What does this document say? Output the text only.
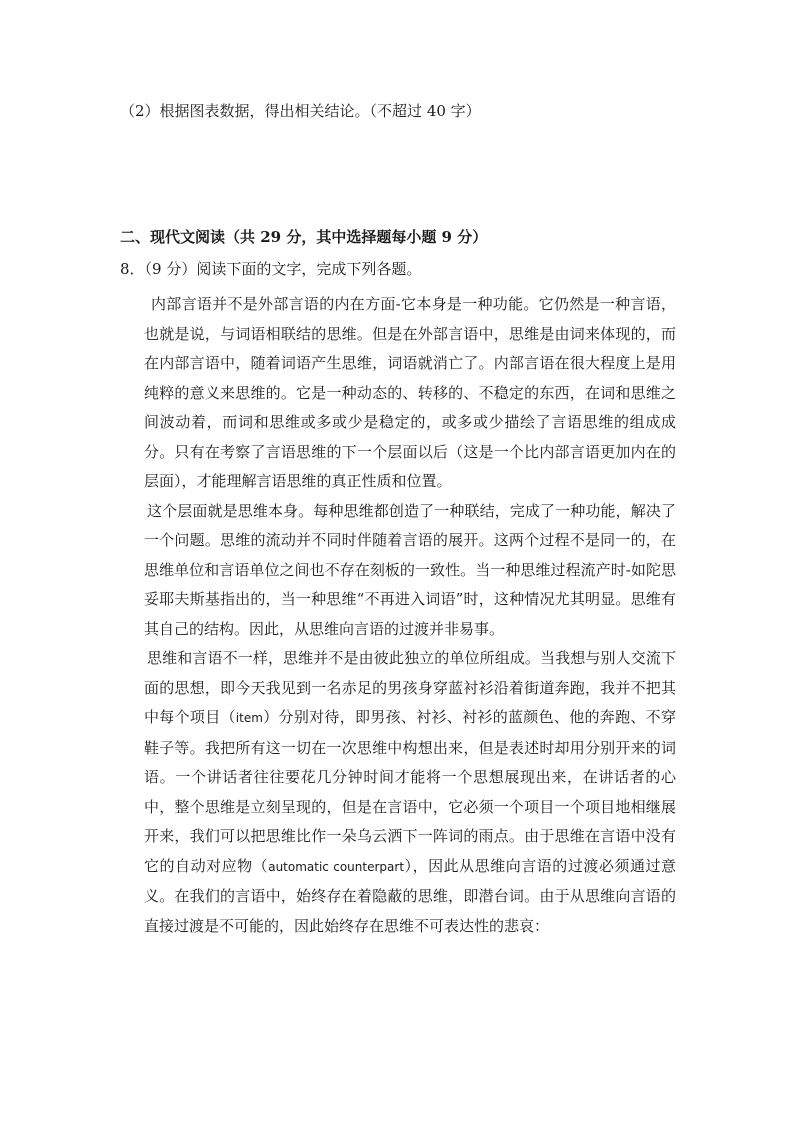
（2）根据图表数据，得出相关结论。（不超过 40 字）
二、现代文阅读（共 29 分，其中选择题每小题 9 分）
8．（9 分）阅读下面的文字，完成下列各题。

内部言语并不是外部言语的内在方面-它本身是一种功能。它仍然是一种言语，也就是说，与词语相联结的思维。但是在外部言语中，思维是由词来体现的，而在内部言语中，随着词语产生思维，词语就消亡了。内部言语在很大程度上是用纯粹的意义来思维的。它是一种动态的、转移的、不稳定的东西，在词和思维之间波动着，而词和思维或多或少是稳定的，或多或少描绘了言语思维的组成成分。只有在考察了言语思维的下一个层面以后（这是一个比内部言语更加内在的层面），才能理解言语思维的真正性质和位置。

这个层面就是思维本身。每种思维都创造了一种联结，完成了一种功能，解决了一个问题。思维的流动并不同时伴随着言语的展开。这两个过程不是同一的，在思维单位和言语单位之间也不存在刻板的一致性。当一种思维过程流产时-如陀思妥耶夫斯基指出的，当一种思维“不再进入词语”时，这种情况尤其明显。思维有其自己的结构。因此，从思维向言语的过渡并非易事。

思维和言语不一样，思维并不是由彼此独立的单位所组成。当我想与别人交流下面的思想，即今天我见到一名赤足的男孩身穿蓝衬衫沿着街道奔跑，我并不把其中每个项目（item）分别对待，即男孩、衬衫、衬衫的蓝颜色、他的奔跑、不穿鞋子等。我把所有这一切在一次思维中构想出来，但是表述时却用分别开来的词语。一个讲话者往往要花几分钟时间才能将一个思想展现出来，在讲话者的心中，整个思维是立刻呈现的，但是在言语中，它必须一个项目一个项目地相继展开来，我们可以把思维比作一朵乌云洒下一阵词的雨点。由于思维在言语中没有它的自动对应物（automatic counterpart），因此从思维向言语的过渡必须通过意义。在我们的言语中，始终存在着隐蔽的思维，即潜台词。由于从思维向言语的直接过渡是不可能的，因此始终存在思维不可表达性的悲哀：
